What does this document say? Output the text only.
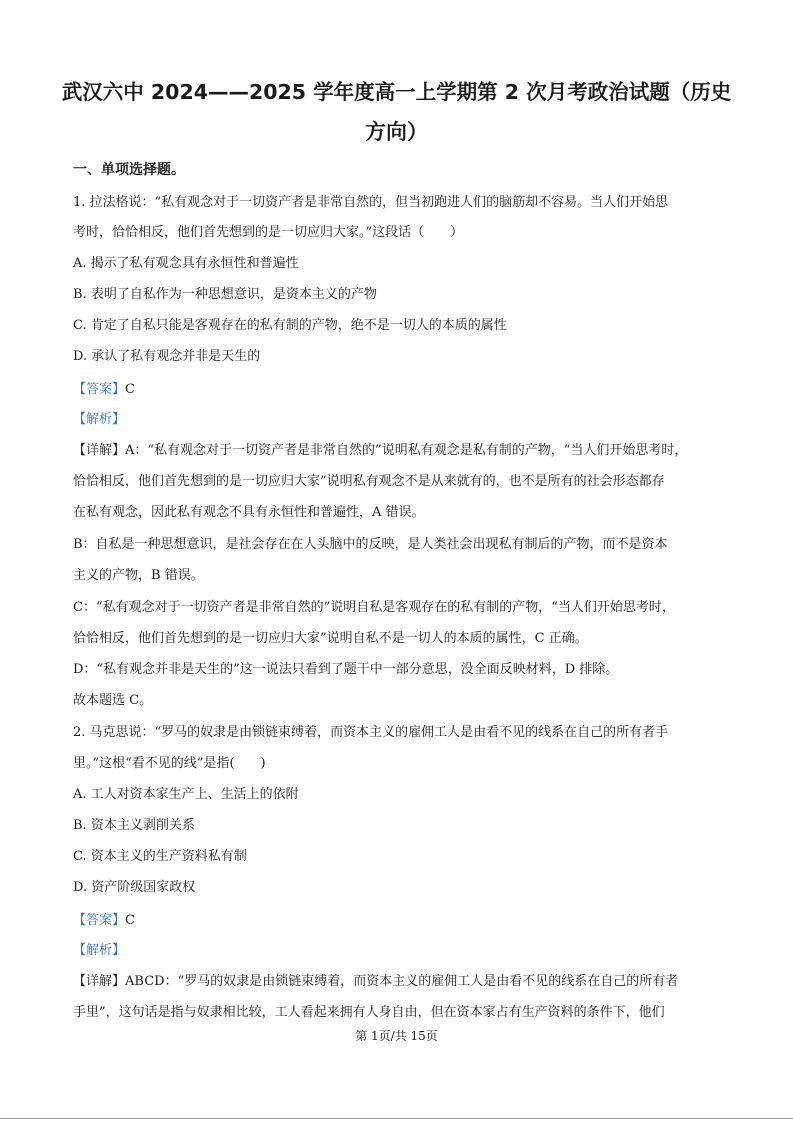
武汉六中 2024——2025 学年度高一上学期第 2 次月考政治试题（历史
方向）
一、单项选择题。
1. 拉法格说：“私有观念对于一切资产者是非常自然的，但当初跑进人们的脑筋却不容易。当人们开始思
考时，恰恰相反，他们首先想到的是一切应归大家。”这段话（　　）
A. 揭示了私有观念具有永恒性和普遍性
B. 表明了自私作为一种思想意识，是资本主义的产物
C. 肯定了自私只能是客观存在的私有制的产物，绝不是一切人的本质的属性
D. 承认了私有观念并非是天生的
【答案】C
【解析】
【详解】A：“私有观念对于一切资产者是非常自然的”说明私有观念是私有制的产物，“当人们开始思考时，
恰恰相反，他们首先想到的是一切应归大家”说明私有观念不是从来就有的，也不是所有的社会形态都存
在私有观念，因此私有观念不具有永恒性和普遍性，A 错误。
B：自私是一种思想意识，是社会存在在人头脑中的反映，是人类社会出现私有制后的产物，而不是资本
主义的产物，B 错误。
C：“私有观念对于一切资产者是非常自然的”说明自私是客观存在的私有制的产物，“当人们开始思考时，
恰恰相反，他们首先想到的是一切应归大家”说明自私不是一切人的本质的属性，C 正确。
D：“私有观念并非是天生的”这一说法只看到了题干中一部分意思，没全面反映材料，D 排除。
故本题选 C。
2. 马克思说：“罗马的奴隶是由锁链束缚着，而资本主义的雇佣工人是由看不见的线系在自己的所有者手
里。”这根“看不见的线”是指(　　)
A. 工人对资本家生产上、生活上的依附
B. 资本主义剥削关系
C. 资本主义的生产资料私有制
D. 资产阶级国家政权
【答案】C
【解析】
【详解】ABCD：“罗马的奴隶是由锁链束缚着，而资本主义的雇佣工人是由看不见的线系在自己的所有者
手里”，这句话是指与奴隶相比较，工人看起来拥有人身自由，但在资本家占有生产资料的条件下，他们
第 1页/共 15页
